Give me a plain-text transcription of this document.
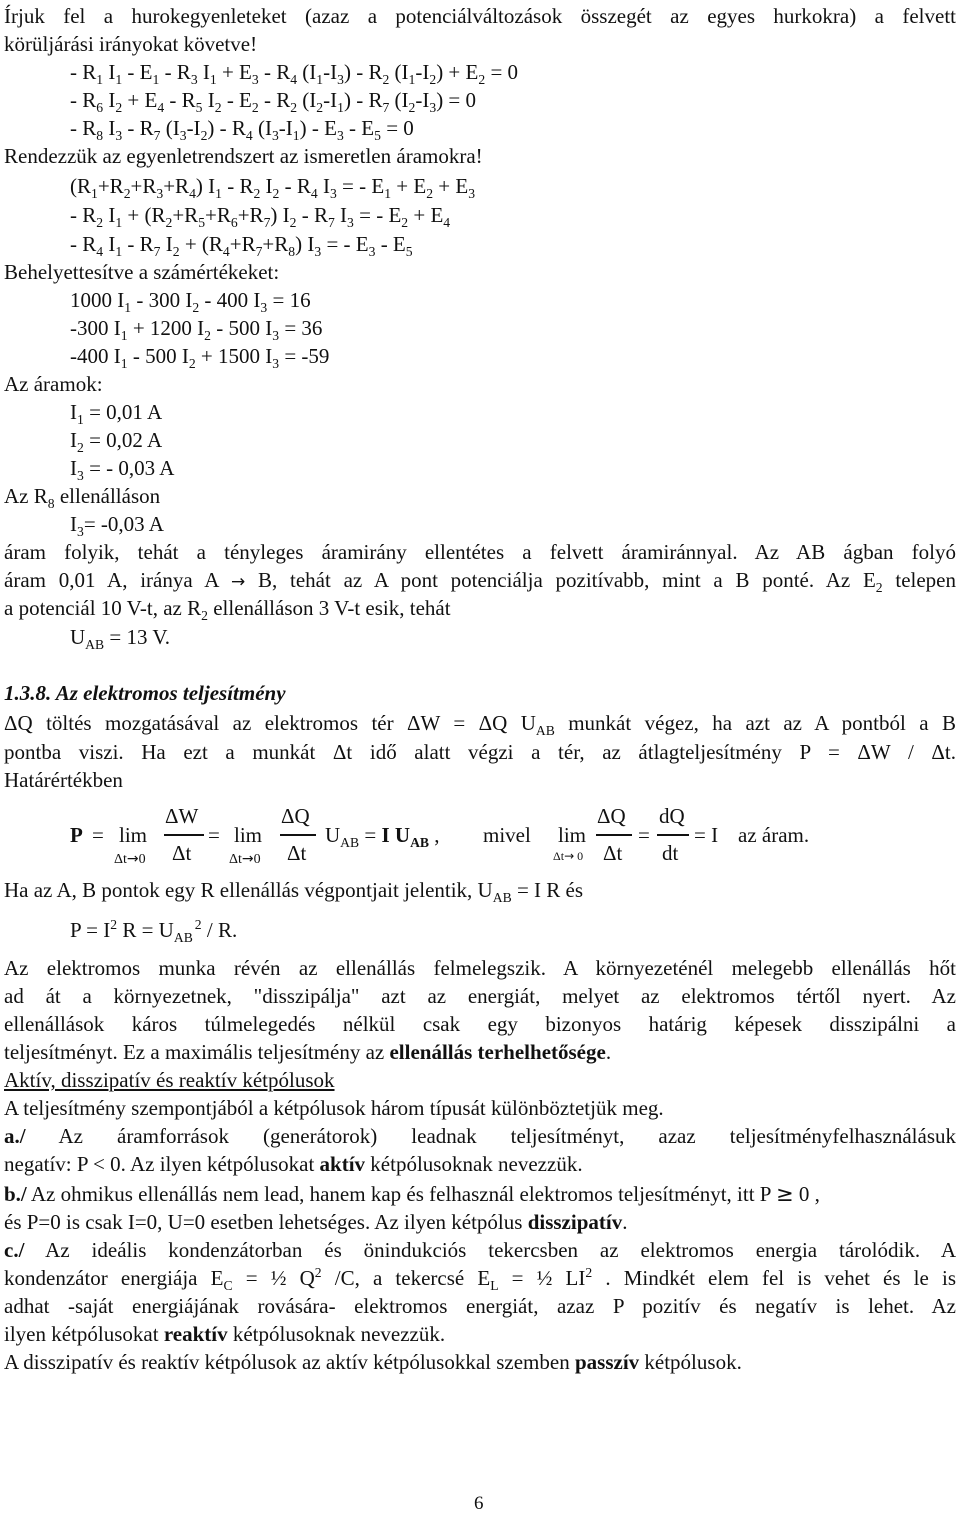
Írjuk fel a hurokegyenleteket (azaz a potenciálváltozások összegét az egyes hurkokra) a felvett
körüljárási irányokat követve!
- $R_1$ $I_1 - E_1 - R_3$ $I_1 + E_3 - R_4$ $(I_1-I_3) - R_2$ $(I_1-I_2) + E_2 = 0$
- $R_6$ $I_2 + E_4 - R_5$ $I_2 - E_2 - R_2$ $(I_2-I_1) - R_7$ $(I_2-I_3) = 0$
- $R_8$ $I_3 - R_7$ $(I_3-I_2) - R_4$ $(I_3-I_1) - E_3 - E_5 = 0$
Rendezzük az egyenletrendszert az ismeretlen áramokra!
$(R_1+R_2+R_3+R_4)$ $I_1 - R_2$ $I_2 - R_4$ $I_3$ = - $E_1 + E_2 + E_3$
- $R_2$ $I_1 + (R_2+R_5+R_6+R_7)$ $I_2 - R_7$ $I_3$ = - $E_2 + E_4$
- $R_4$ $I_1 - R_7$ $I_2 + (R_4+R_7+R_8) I_3$ = - $E_3 - E_5$
Behelyettesítve a számértékeket:
1000 $I_1 - 300$ $I_2 - 400$ $I_3 = 16$
-300 $I_1 + 1200$ $I_2 - 500$ $I_3 = 36$
-400 $I_1 - 500$ $I_2 + 1500$ $I_3 = -59$
Az áramok:
$I_1 = 0,01$ A
$I_2 = 0,02$ A
$I_3$ = - 0,03 A
Az $R_8$ ellenálláson
$I_3= -0,03$ A
áram folyik, tehát a tényleges áramirány ellentétes a felvett áramiránnyal. Az AB ágban folyó
áram 0,01 A, iránya A → B, tehát az A pont potenciálja pozitívabb, mint a B ponté. Az $E_2$ telepen
a potenciál 10 V-t, az $R_2$ ellenálláson 3 V-t esik, tehát
$U_{AB} = 13$ V.
1.3.8. Az elektromos teljesítmény
ΔQ töltés mozgatásával az elektromos tér ΔW = ΔQ $U_{AB}$ munkát végez, ha azt az A pontból a B
pontba viszi. Ha ezt a munkát Δt idő alatt végzi a tér, az átlagteljesítmény P = ΔW / Δt.
Határértékben
P = lim
Δt→0
ΔW
Δt
= lim
Δt→0
ΔQ
Δt
$U_{AB} = I$ $U_{AB}$ , mivel lim
Δt→ 0
ΔQ
Δt
=
dQ
dt
= I az áram.
Ha az A, B pontok egy R ellenállás végpontjait jelentik, $U_{AB} = I$ R és
$P = I^2$ $R = U_{AB}^2 / R$.
Az elektromos munka révén az ellenállás felmelegszik. A környezeténél melegebb ellenállás hőt
ad át a környezetnek, "disszipálja" azt az energiát, melyet az elektromos tértől nyert. Az
ellenállások káros túlmelegedés nélkül csak egy bizonyos határig képesek disszipálni a
teljesítményt. Ez a maximális teljesítmény az ellenállás terhelhetősége.
Aktív, disszipatív és reaktív kétpólusok
A teljesítmény szempontjából a kétpólusok három típusát különböztetjük meg.
a./ Az áramforrások (generátorok) leadnak teljesítményt, azaz teljesítményfelhasználásuk
negatív: P < 0. Az ilyen kétpólusokat aktív kétpólusoknak nevezzük.
b./ Az ohmikus ellenállás nem lead, hanem kap és felhasznál elektromos teljesítményt, itt P ≥ 0 ,
és P=0 is csak I=0, U=0 esetben lehetséges. Az ilyen kétpólus disszipatív.
c./ Az ideális kondenzátorban és önindukciós tekercsben az elektromos energia tárolódik. A
kondenzátor energiája $E_C$ = ½ $Q^2$ /C, a tekercsé $E_L$ = ½ $LI^2$ . Mindkét elem fel is vehet és le is
adhat -saját energiájának rovására- elektromos energiát, azaz P pozitív és negatív is lehet. Az
ilyen kétpólusokat reaktív kétpólusoknak nevezzük.
A disszipatív és reaktív kétpólusok az aktív kétpólusokkal szemben passzív kétpólusok.
6
